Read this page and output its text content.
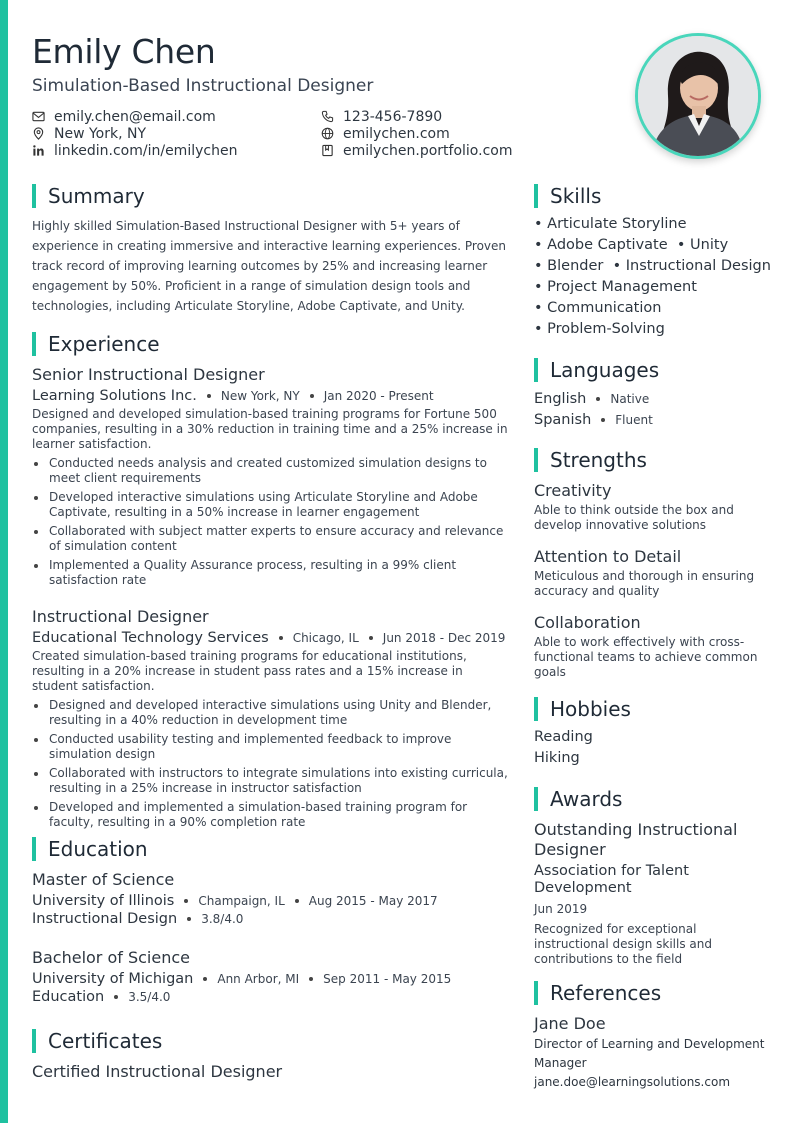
Emily Chen
Simulation-Based Instructional Designer
emily.chen@email.com	123-456-7890
New York, NY	emilychen.com
linkedin.com/in/emilychen	emilychen.portfolio.com
Summary
Highly skilled Simulation-Based Instructional Designer with 5+ years of experience in creating immersive and interactive learning experiences. Proven track record of improving learning outcomes by 25% and increasing learner engagement by 50%. Proficient in a range of simulation design tools and technologies, including Articulate Storyline, Adobe Captivate, and Unity.
Experience
Senior Instructional Designer
Learning Solutions Inc. New York, NY Jan 2020 - Present
Designed and developed simulation-based training programs for Fortune 500 companies, resulting in a 30% reduction in training time and a 25% increase in learner satisfaction.
Conducted needs analysis and created customized simulation designs to meet client requirements
Developed interactive simulations using Articulate Storyline and Adobe Captivate, resulting in a 50% increase in learner engagement
Collaborated with subject matter experts to ensure accuracy and relevance of simulation content
Implemented a Quality Assurance process, resulting in a 99% client satisfaction rate
Instructional Designer
Educational Technology Services Chicago, IL Jun 2018 - Dec 2019
Created simulation-based training programs for educational institutions, resulting in a 20% increase in student pass rates and a 15% increase in student satisfaction.
Designed and developed interactive simulations using Unity and Blender, resulting in a 40% reduction in development time
Conducted usability testing and implemented feedback to improve simulation design
Collaborated with instructors to integrate simulations into existing curricula, resulting in a 25% increase in instructor satisfaction
Developed and implemented a simulation-based training program for faculty, resulting in a 90% completion rate
Education
Master of Science
University of Illinois Champaign, IL Aug 2015 - May 2017
Instructional Design 3.8/4.0
Bachelor of Science
University of Michigan Ann Arbor, MI Sep 2011 - May 2015
Education 3.5/4.0
Certificates
Certified Instructional Designer
Skills
• Articulate Storyline
• Adobe Captivate  • Unity
• Blender  • Instructional Design
• Project Management
• Communication
• Problem-Solving
Languages
English Native
Spanish Fluent
Strengths
Creativity
Able to think outside the box and develop innovative solutions
Attention to Detail
Meticulous and thorough in ensuring accuracy and quality
Collaboration
Able to work effectively with cross-functional teams to achieve common goals
Hobbies
Reading
Hiking
Awards
Outstanding Instructional Designer
Association for Talent Development
Jun 2019
Recognized for exceptional instructional design skills and contributions to the field
References
Jane Doe
Director of Learning and Development Manager
jane.doe@learningsolutions.com
